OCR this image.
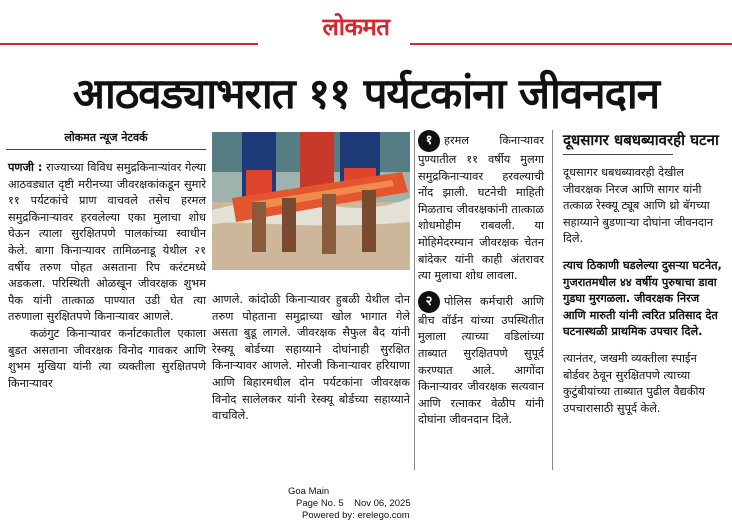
लोकमत
आठवड्याभरात ११ पर्यटकांना जीवनदान
लोकमत न्यूज नेटवर्क

पणजी : राज्याच्या विविध समुद्रकिनाऱ्यांवर गेल्या आठवड्यात दृष्टी मरीनच्या जीवरक्षकांकडून सुमारे ११ पर्यटकांचे प्राण वाचवले तसेच हरमल समुद्रकिनाऱ्यावर हरवलेल्या एका मुलाचा शोध घेऊन त्याला सुरक्षितपणे पालकांच्या स्वाधीन केले. बागा किनाऱ्यावर तामिळनाडू येथील २१ वर्षीय तरुण पोहत असताना रिप करंटमध्ये अडकला. परिस्थिती ओळखून जीवरक्षक शुभम पैक यांनी तात्काळ पाण्यात उडी घेत त्या तरुणाला सुरक्षितपणे किनाऱ्यावर आणले.

कळंगुट किनाऱ्यावर कर्नाटकातील एकाला बुडत असताना जीवरक्षक विनोद गावकर आणि शुभम मुखिया यांनी त्या व्यक्तीला सुरक्षितपणे किनाऱ्यावर

आणले. कांदोळी किनाऱ्यावर हुबळी येथील दोन तरुण पोहताना समुद्राच्या खोल भागात गेले असता बुडू लागले. जीवरक्षक सैफुल बैद यांनी रेस्क्यू बोर्डच्या सहाय्याने दोघांनाही सुरक्षित किनाऱ्यावर आणले. मोरजी किनाऱ्यावर हरियाणा आणि बिहारमधील दोन पर्यटकांना जीवरक्षक विनोद सालेलकर यांनी रेस्क्यू बोर्डच्या सहाय्याने वाचविले.

१ हरमल किनाऱ्यावर पुण्यातील ११ वर्षीय मुलगा समुद्रकिनाऱ्यावर हरवल्याची नोंद झाली. घटनेची माहिती मिळताच जीवरक्षकांनी तात्काळ शोधमोहीम राबवली. या मोहिमेदरम्यान जीवरक्षक चेतन बांदेकर यांनी काही अंतरावर त्या मुलाचा शोध लावला.
२ पोलिस कर्मचारी आणि बीच वॉर्डन यांच्या उपस्थितीत मुलाला त्याच्या वडिलांच्या ताब्यात सुरक्षितपणे सुपूर्द करण्यात आले. आगोंदा किनाऱ्यावर जीवरक्षक सत्यवान आणि रत्नाकर वेळीप यांनी दोघांना जीवनदान दिले.
दूधसागर धबधब्यावरही घटना

दूधसागर धबधब्यावरही देखील जीवरक्षक निरज आणि सागर यांनी तत्काळ रेस्क्यू ट्यूब आणि थ्रो बॅगच्या सहाय्याने बुडणाऱ्या दोघांना जीवनदान दिले.

त्याच ठिकाणी घडलेल्या दुसऱ्या घटनेत, गुजरातमधील ४४ वर्षीय पुरुषाचा डावा गुडघा मुरगळला. जीवरक्षक निरज आणि मारुती यांनी त्वरित प्रतिसाद देत घटनास्थळी प्राथमिक उपचार दिले.

त्यानंतर, जखमी व्यक्तीला स्पाईन बोर्डवर ठेवून सुरक्षितपणे त्याच्या कुटुंबीयांच्या ताब्यात पुढील वैद्यकीय उपचारासाठी सुपूर्द केले.

Goa Main
Page No. 5 Nov 06, 2025
Powered by: erelego.com
